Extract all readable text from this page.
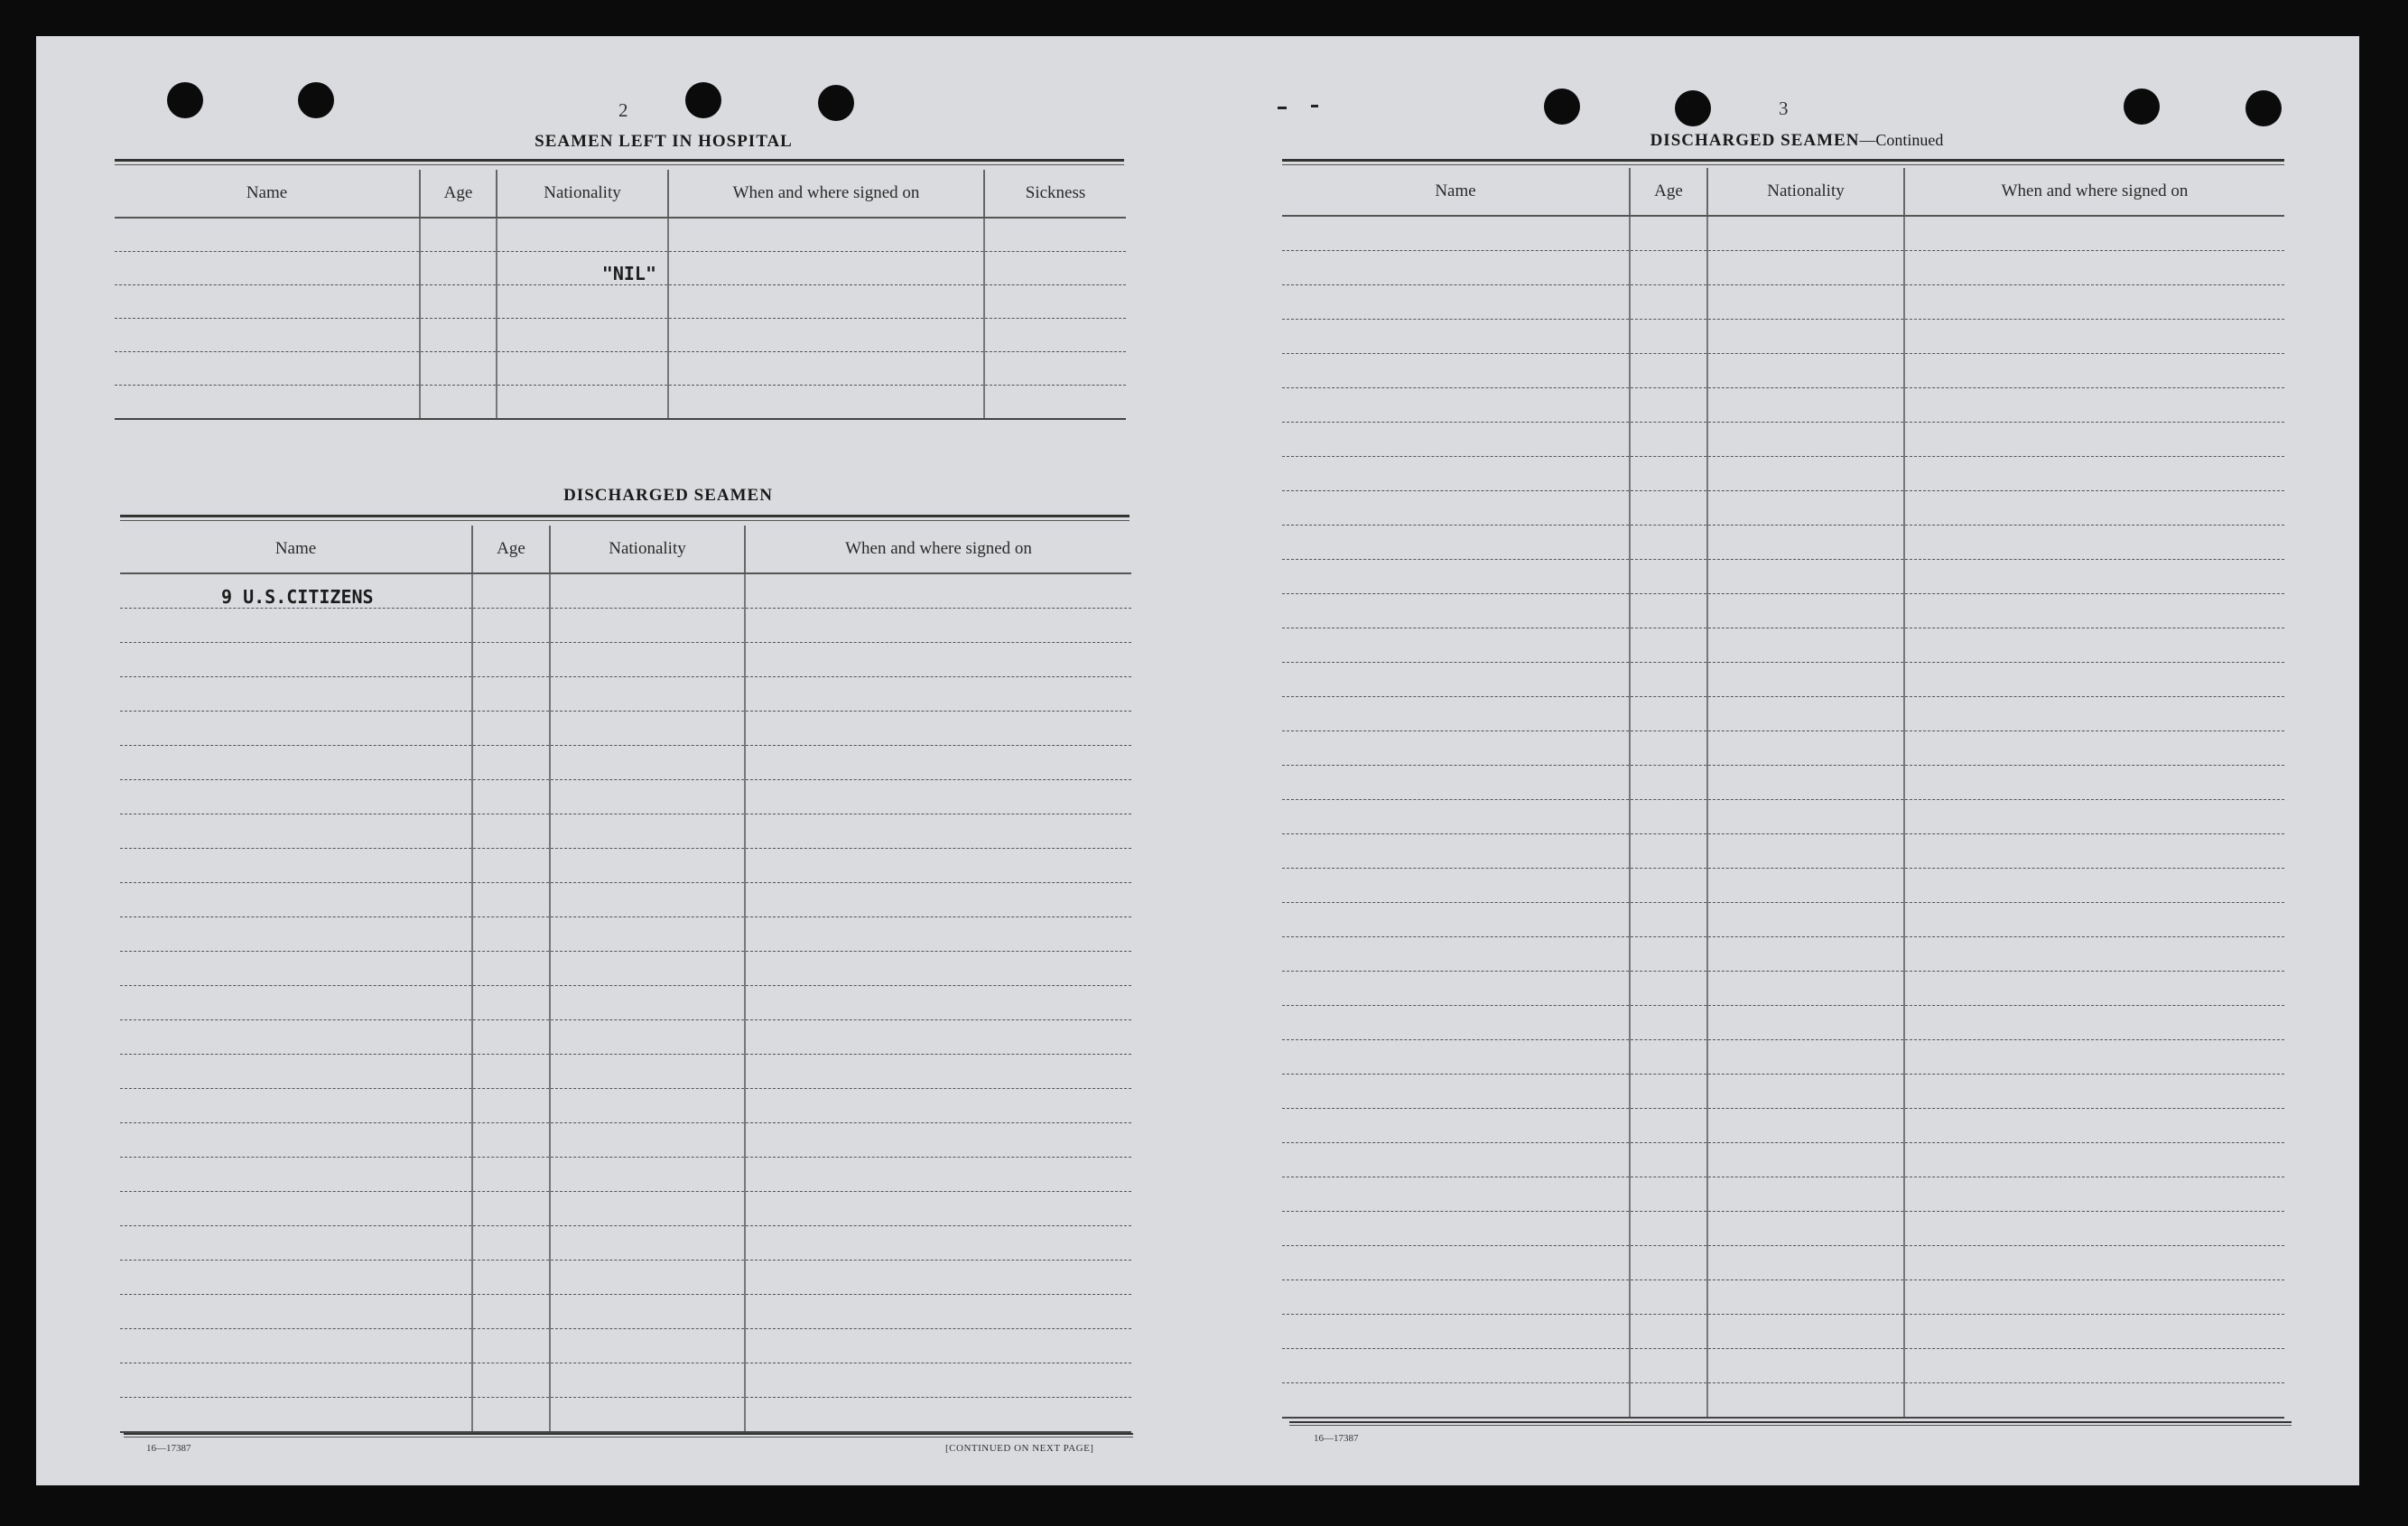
2
SEAMEN LEFT IN HOSPITAL
Name	Age	Nationality	When and where signed on	Sickness

		"NIL"		

DISCHARGED SEAMEN
Name	Age	Nationality	When and where signed on
9 U.S.CITIZENS			

16—17387	[CONTINUED ON NEXT PAGE]
3
DISCHARGED SEAMEN—Continued
Name	Age	Nationality	When and where signed on

16—17387
